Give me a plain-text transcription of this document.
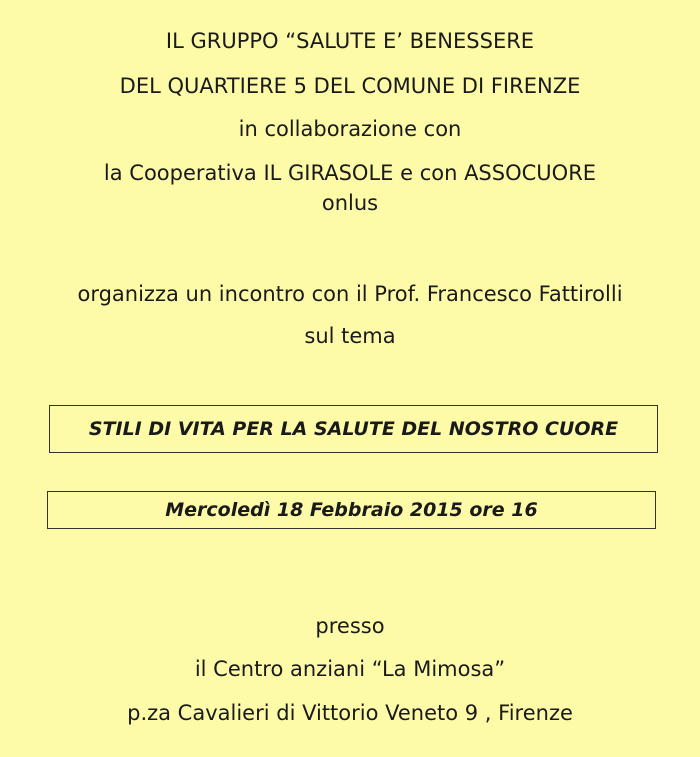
IL GRUPPO “SALUTE E’ BENESSERE
DEL QUARTIERE 5 DEL COMUNE DI FIRENZE
in collaborazione con
la Cooperativa IL GIRASOLE e con ASSOCUORE
onlus
organizza un incontro con il Prof. Francesco Fattirolli
sul tema
STILI DI VITA PER LA SALUTE DEL NOSTRO CUORE
Mercoledì 18 Febbraio 2015 ore 16
presso
il Centro anziani “La Mimosa”
p.za Cavalieri di Vittorio Veneto 9 , Firenze
